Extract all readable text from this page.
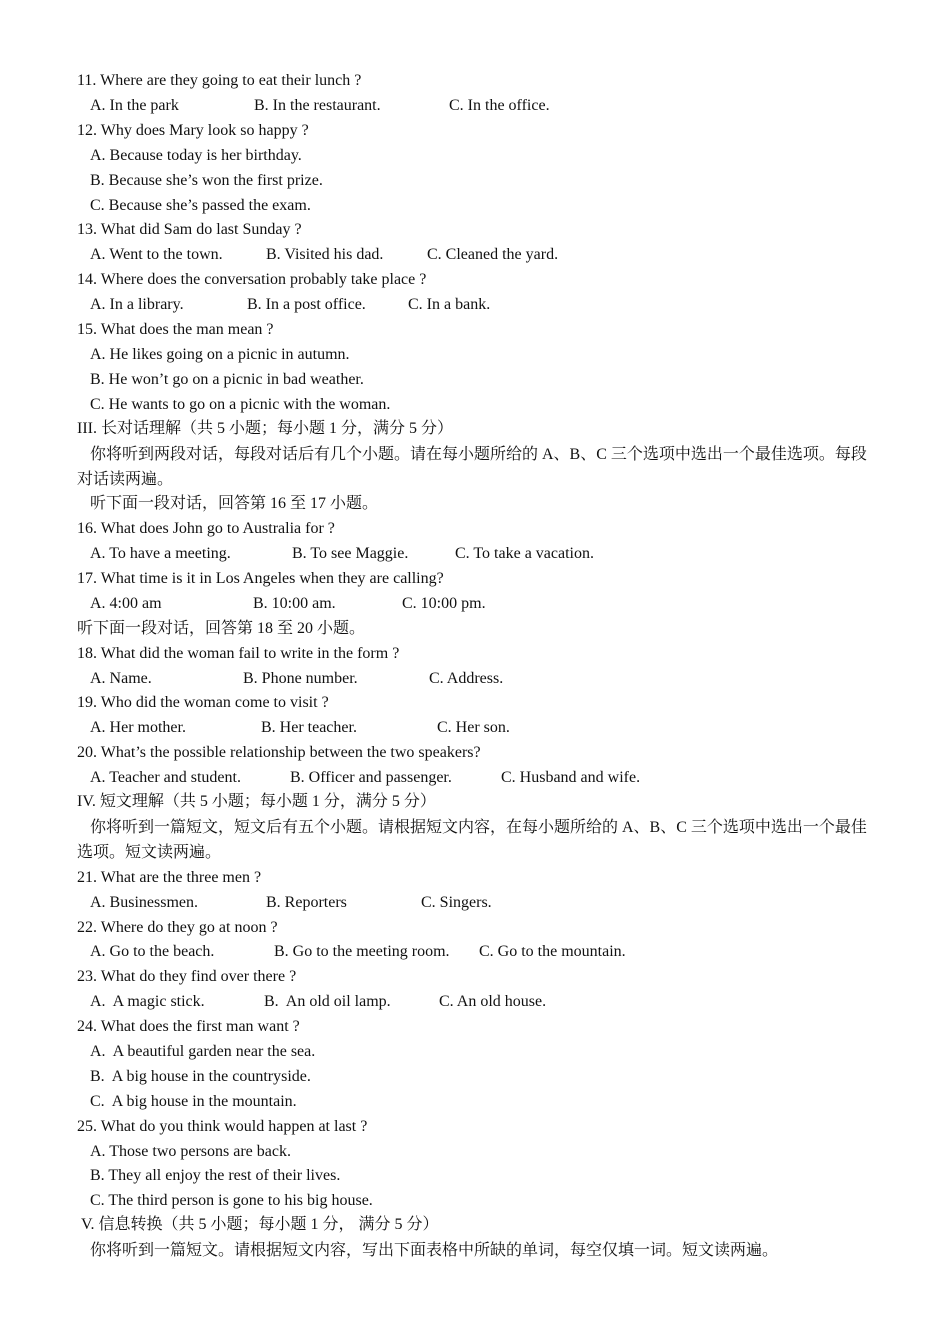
11. Where are they going to eat their lunch ?
A. In the park	B. In the restaurant.	C. In the office.
12. Why does Mary look so happy ?
A. Because today is her birthday.
B. Because she’s won the first prize.
C. Because she’s passed the exam.
13. What did Sam do last Sunday ?
A. Went to the town.	B. Visited his dad.	C. Cleaned the yard.
14. Where does the conversation probably take place ?
A. In a library.	B. In a post office.	C. In a bank.
15. What does the man mean ?
A. He likes going on a picnic in autumn.
B. He won’t go on a picnic in bad weather.
C. He wants to go on a picnic with the woman.
III. 长对话理解（共 5 小题；每小题 1 分，满分 5 分）
你将听到两段对话，每段对话后有几个小题。请在每小题所给的 A、B、C 三个选项中选出一个最佳选项。每段对话读两遍。
听下面一段对话，回答第 16 至 17 小题。
16. What does John go to Australia for ?
A. To have a meeting.	B. To see Maggie.	C. To take a vacation.
17. What time is it in Los Angeles when they are calling?
A. 4:00 am	B. 10:00 am.	C. 10:00 pm.
听下面一段对话，回答第 18 至 20 小题。
18. What did the woman fail to write in the form ?
A. Name.	B. Phone number.	C. Address.
19. Who did the woman come to visit ?
A. Her mother.	B. Her teacher.	C. Her son.
20. What’s the possible relationship between the two speakers?
A. Teacher and student.	B. Officer and passenger.	C. Husband and wife.
IV. 短文理解（共 5 小题；每小题 1 分，满分 5 分）
你将听到一篇短文，短文后有五个小题。请根据短文内容，在每小题所给的 A、B、C 三个选项中选出一个最佳选项。短文读两遍。
21. What are the three men ?
A. Businessmen.	B. Reporters	C. Singers.
22. Where do they go at noon ?
A. Go to the beach.	B. Go to the meeting room. C. Go to the mountain.
23. What do they find over there ?
A.  A magic stick.	B.  An old oil lamp.	C. An old house.
24. What does the first man want ?
A.  A beautiful garden near the sea.
B.  A big house in the countryside.
C.  A big house in the mountain.
25. What do you think would happen at last ?
A. Those two persons are back.
B. They all enjoy the rest of their lives.
C. The third person is gone to his big house.
V. 信息转换（共 5 小题；每小题 1 分， 满分 5 分）
你将听到一篇短文。请根据短文内容，写出下面表格中所缺的单词，每空仅填一词。短文读两遍。
